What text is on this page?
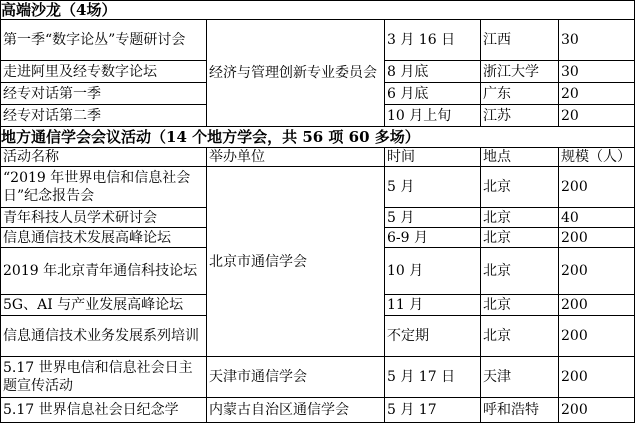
高端沙龙（4场）				
第一季“数字论丛”专题研讨会	经济与管理创新专业委员会	3 月 16 日	江西	30
走进阿里及经专数字论坛		8 月底	浙江大学	30
经专对话第一季		6 月底	广东	20
经专对话第二季		10 月上旬	江苏	20
地方通信学会会议活动（14 个地方学会，共 56 项 60 多场）				
活动名称	举办单位	时间	地点	规模（人）
“2019 年世界电信和信息社会日”纪念报告会	北京市通信学会	5 月	北京	200
青年科技人员学术研讨会		5 月	北京	40
信息通信技术发展高峰论坛		6-9 月	北京	200
2019 年北京青年通信科技论坛		10 月	北京	200
5G、AI 与产业发展高峰论坛		11 月	北京	200
信息通信技术业务发展系列培训		不定期	北京	200
5.17 世界电信和信息社会日主题宣传活动	天津市通信学会	5 月 17 日	天津	200
5.17 世界信息社会日纪念学	内蒙古自治区通信学会	5 月 17	呼和浩特	200
